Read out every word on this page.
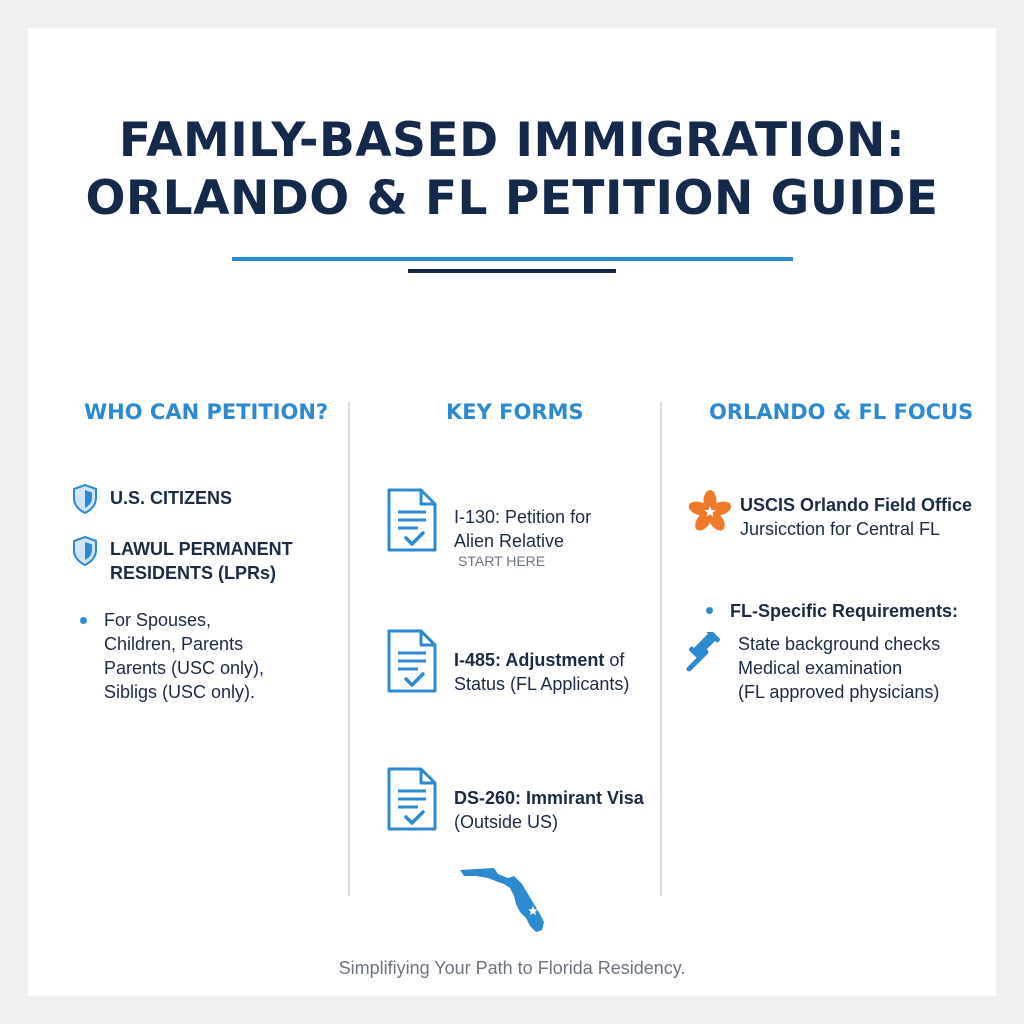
FAMILY-BASED IMMIGRATION:
ORLANDO & FL PETITION GUIDE
WHO CAN PETITION?
U.S. CITIZENS
LAWUL PERMANENT
RESIDENTS (LPRs)
For Spouses,
Children, Parents
Parents (USC only),
Sibligs (USC only).
KEY FORMS
I-130: Petition for
Alien Relative
START HERE
I-485: Adjustment of
Status (FL Applicants)
DS-260: Immirant Visa
(Outside US)
ORLANDO & FL FOCUS
USCIS Orlando Field Office
Jursicction for Central FL
FL-Specific Requirements:
State background checks
Medical examination
(FL approved physicians)
Simplifiying Your Path to Florida Residency.
